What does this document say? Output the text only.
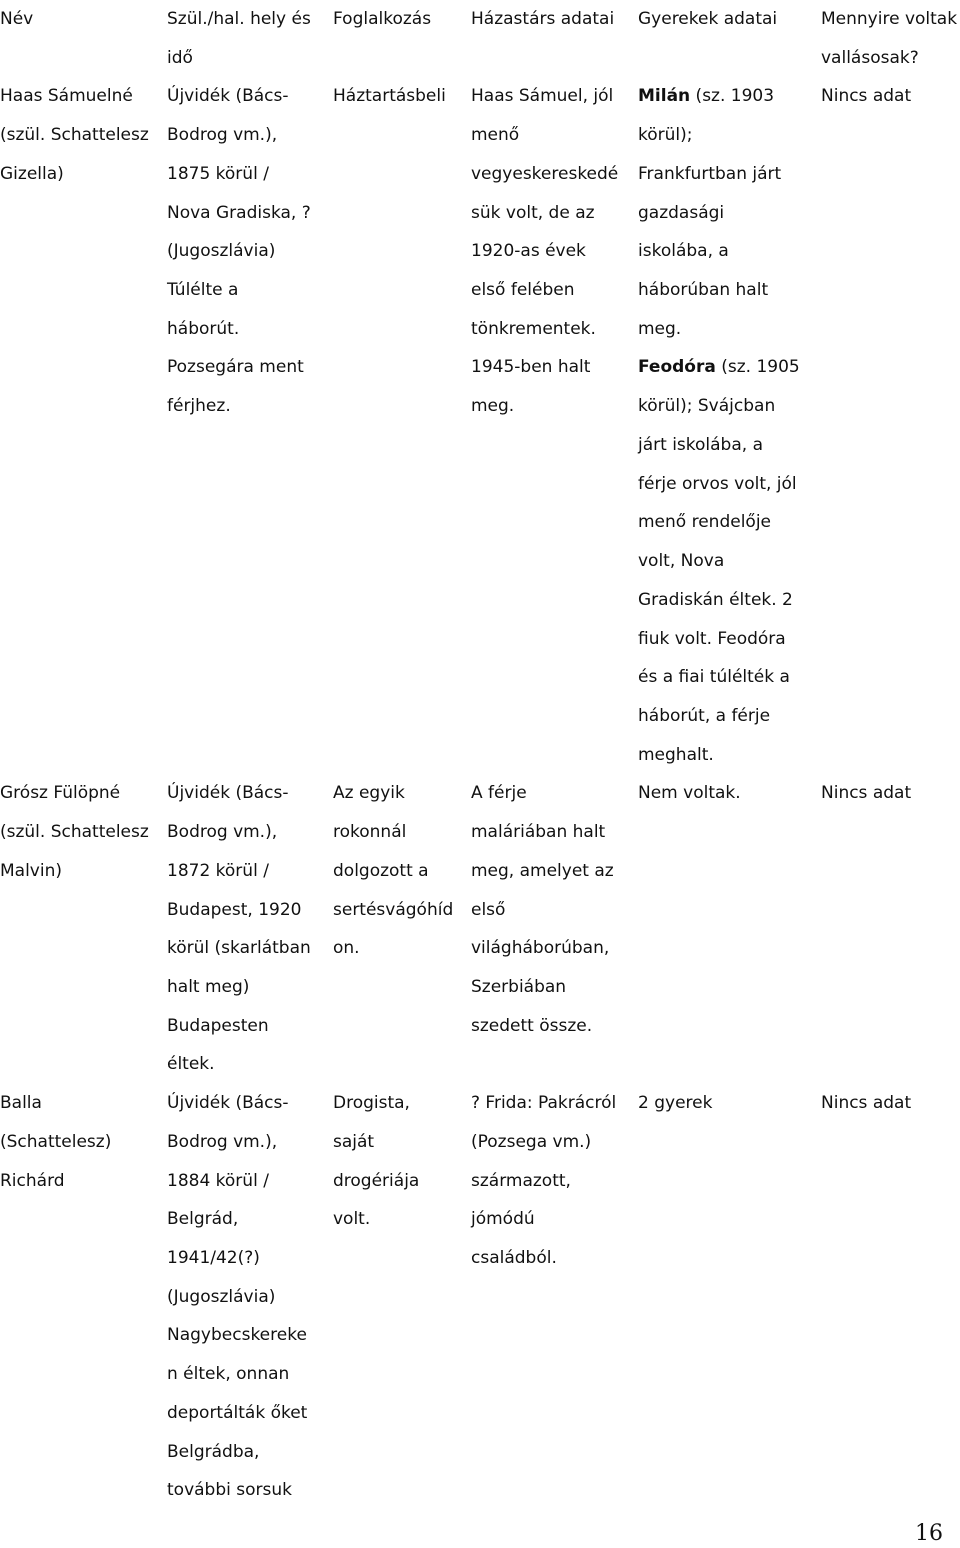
Név
Haas Sámuelné
(szül. Schattelesz
Gizella)
Grósz Fülöpné
(szül. Schattelesz
Malvin)
Balla
(Schattelesz)
Richárd
Szül./hal. hely és
idő
Újvidék (Bács-
Bodrog vm.),
1875 körül /
Nova Gradiska, ?
(Jugoszlávia)
Túlélte a
háborút.
Pozsegára ment
férjhez.
Újvidék (Bács-
Bodrog vm.),
1872 körül /
Budapest, 1920
körül (skarlátban
halt meg)
Budapesten
éltek.
Újvidék (Bács-
Bodrog vm.),
1884 körül /
Belgrád,
1941/42(?)
(Jugoszlávia)
Nagybecskereke
n éltek, onnan
deportálták őket
Belgrádba,
további sorsuk
Foglalkozás
Háztartásbeli
Az egyik
rokonnál
dolgozott a
sertésvágóhíd
on.
Drogista,
saját
drogériája
volt.
Házastárs adatai
Haas Sámuel, jól
menő
vegyeskereskedé
sük volt, de az
1920-as évek
első felében
tönkrementek.
1945-ben halt
meg.
A férje
maláriában halt
meg, amelyet az
első
világháborúban,
Szerbiában
szedett össze.
? Frida: Pakrácról
(Pozsega vm.)
származott,
jómódú
családból.
Gyerekek adatai
Milán (sz. 1903
körül);
Frankfurtban járt
gazdasági
iskolába, a
háborúban halt
meg.
Feodóra (sz. 1905
körül); Svájcban
járt iskolába, a
férje orvos volt, jól
menő rendelője
volt, Nova
Gradiskán éltek. 2
fiuk volt. Feodóra
és a fiai túlélték a
háborút, a férje
meghalt.
Nem voltak.
2 gyerek
Mennyire voltak
vallásosak?
Nincs adat
Nincs adat
Nincs adat
16
